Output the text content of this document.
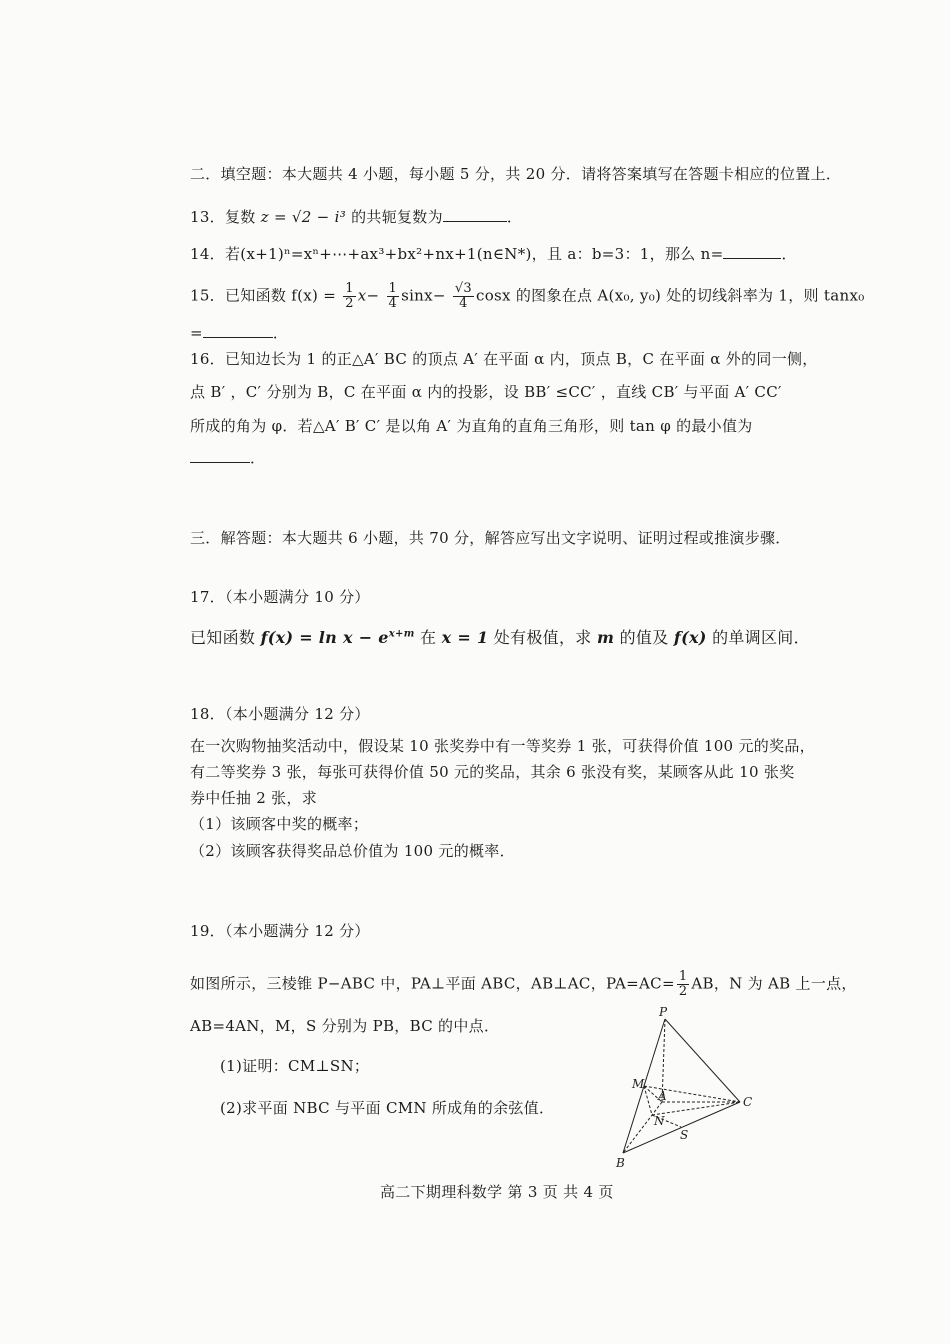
二．填空题：本大题共 4 小题，每小题 5 分，共 20 分．请将答案填写在答题卡相应的位置上．
13．复数 z = √2 − i³ 的共轭复数为	．
14．若(x+1)ⁿ=xⁿ+⋯+ax³+bx²+nx+1(n∈N*)，且 a：b=3：1，那么 n=	．
15．已知函数 $f(x) = \frac{1}{2} x- \frac{1}{4} \sin x- \frac{√3}{4}$ cosx 的图象在点 A(x₀, y₀) 处的切线斜率为 1，则 tanx₀
=	．
16．已知边长为 1 的正△A′ BC 的顶点 A′ 在平面 α 内，顶点 B，C 在平面 α 外的同一侧，
点 B′ ，C′ 分别为 B，C 在平面 α 内的投影，设 BB′ ≤CC′ ，直线 CB′ 与平面 A′ CC′
所成的角为 φ．若△A′ B′ C′ 是以角 A′ 为直角的直角三角形，则 tan φ 的最小值为
．
三．解答题：本大题共 6 小题，共 70 分，解答应写出文字说明、证明过程或推演步骤．
17．（本小题满分 10 分）
已知函数 $f(x) = \ln x - e^{x+m}$ 在 x = 1 处有极值，求 m 的值及 f(x) 的单调区间．
18．（本小题满分 12 分）
在一次购物抽奖活动中，假设某 10 张奖券中有一等奖券 1 张，可获得价值 100 元的奖品，
有二等奖券 3 张，每张可获得价值 50 元的奖品，其余 6 张没有奖，某顾客从此 10 张奖
券中任抽 2 张，求
（1）该顾客中奖的概率；
（2）该顾客获得奖品总价值为 100 元的概率．
19．（本小题满分 12 分）
如图所示，三棱锥 P−ABC 中，PA⊥平面 ABC，AB⊥AC，$PA=AC= \frac{1}{2}$ AB，N 为 AB 上一点，
AB=4AN，M，S 分别为 PB，BC 的中点．
(1)证明：CM⊥SN；
(2)求平面 NBC 与平面 CMN 所成角的余弦值．
P
M
A
N
S
C
B
高二下期理科数学 第 3 页 共 4 页
